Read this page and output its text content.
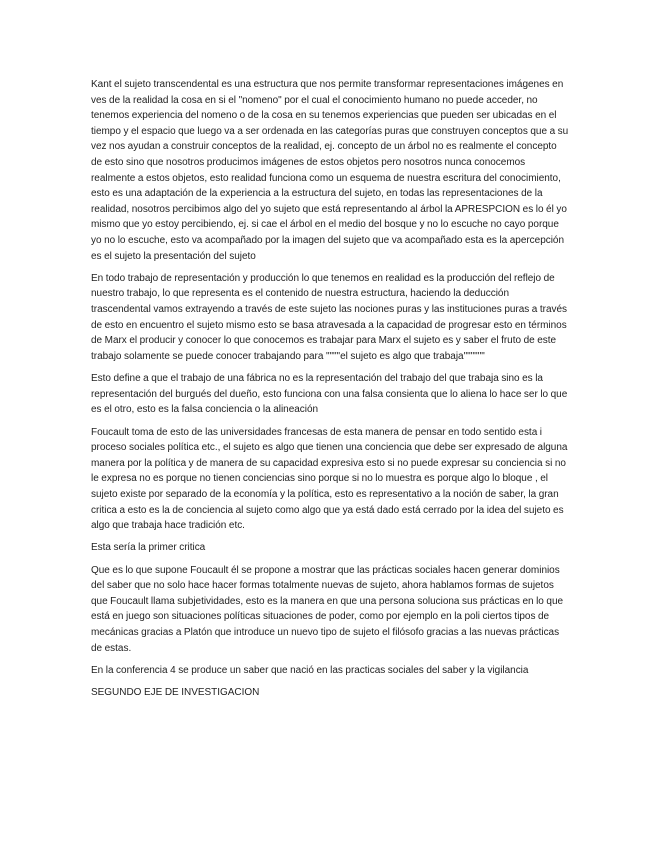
Kant el sujeto transcendental es una estructura que nos permite transformar representaciones imágenes en ves de la realidad la cosa en si el "nomeno" por el cual el conocimiento humano no puede acceder, no tenemos experiencia del nomeno o de la cosa en su tenemos experiencias que pueden ser ubicadas en el tiempo y el espacio que luego va a ser ordenada en las categorías puras que construyen conceptos que a su vez nos ayudan a construir conceptos de la realidad, ej. concepto de un árbol no es realmente el concepto de esto sino que nosotros producimos imágenes de estos objetos pero nosotros nunca conocemos realmente a estos objetos, esto realidad funciona como un esquema de nuestra escritura del conocimiento, esto es una adaptación de la experiencia a la estructura del sujeto, en todas las representaciones de la realidad, nosotros percibimos algo del yo sujeto que está representando al árbol la APRESPCION es lo él yo mismo que yo estoy percibiendo, ej. si cae el árbol en el medio del bosque y no lo escuche no cayo porque yo no lo escuche, esto va acompañado por la imagen del sujeto que va acompañado esta es la apercepción es el sujeto la presentación del sujeto

En todo trabajo de representación y producción lo que tenemos en realidad es la producción del reflejo de nuestro trabajo, lo que representa es el contenido de nuestra estructura, haciendo la deducción trascendental vamos extrayendo a través de este sujeto las nociones puras y las instituciones puras a través de esto en encuentro el sujeto mismo esto se basa atravesada a la capacidad de progresar esto en términos de Marx el producir y conocer lo que conocemos es trabajar para Marx el sujeto es y saber el fruto de este trabajo solamente se puede conocer trabajando para """"el sujeto es algo que trabaja""""""

Esto define a que el trabajo de una fábrica no es la representación del trabajo del que trabaja sino es la representación del burgués del dueño, esto funciona con una falsa consienta que lo aliena lo hace ser lo que es el otro, esto es la falsa conciencia o la alineación

Foucault toma de esto de las universidades francesas de esta manera de pensar en todo sentido esta i proceso sociales política etc., el sujeto es algo que tienen una conciencia que debe ser expresado de alguna manera por la política y de manera de su capacidad expresiva esto si no puede expresar su conciencia si no le expresa no es porque no tienen conciencias sino porque si no lo muestra es porque algo lo bloque , el sujeto existe por separado de la economía y la política, esto es representativo a la noción de saber, la gran critica a esto es la de conciencia al sujeto como algo que ya está dado está cerrado por la idea del sujeto es algo que trabaja hace tradición etc.

Esta sería la primer critica

Que es lo que supone Foucault él se propone a mostrar que las prácticas sociales hacen generar dominios del saber que no solo hace hacer formas totalmente nuevas de sujeto, ahora hablamos formas de sujetos que Foucault llama subjetividades, esto es la manera en que una persona soluciona sus prácticas en lo que está en juego son situaciones políticas situaciones de poder, como por ejemplo en la poli ciertos tipos de mecánicas gracias a Platón que introduce un nuevo tipo de sujeto el filósofo gracias a las nuevas prácticas de estas.

En la conferencia 4 se produce un saber que nació en las practicas sociales del saber y la vigilancia

SEGUNDO EJE DE INVESTIGACION
